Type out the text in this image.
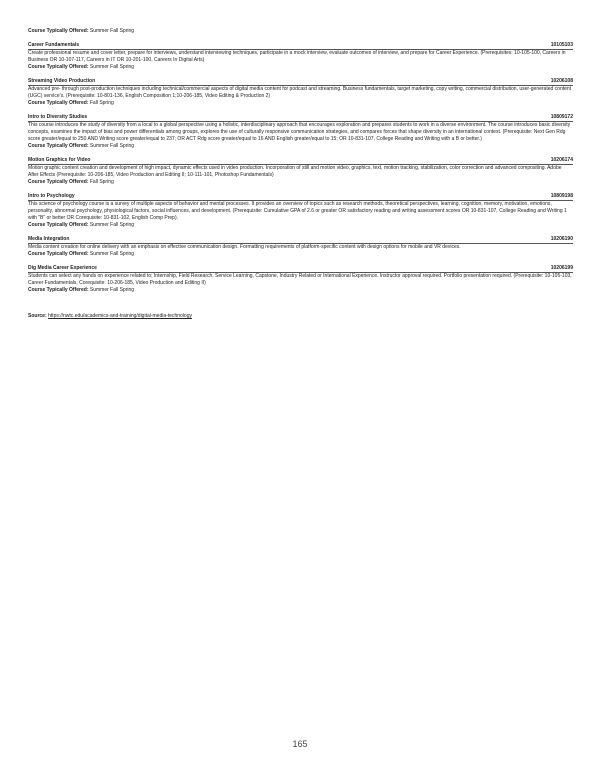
Course Typically Offered: Summer Fall Spring
Career Fundamentals	10105103
Create professional resume and cover letter, prepare for interviews, understand interviewing techniques, participate in a mock interview, evaluate outcomes of interview, and prepare for Career Experience. (Prerequisites: 10-105-100, Careers in Business OR 10-107-117, Careers in IT OR 10-201-100, Careers In Digital Arts)
Course Typically Offered: Summer Fall Spring
Streaming Video Production	10206108
Advanced pre- through post-production techniques including technical/commercial aspects of digital media content for podcast and streaming. Business fundamentals, target marketing, copy writing, commercial distribution, user-generated content (UGC) service's. (Prerequisite: 10-801-136, English Composition 1;10-206-185, Video Editing & Production 2)
Course Typically Offered: Fall Spring
Intro to Diversity Studies	10809172
This course introduces the study of diversity from a local to a global perspective using a holistic, interdisciplinary approach that encourages exploration and prepares students to work in a diverse environment. The course introduces basic diversity concepts, examines the impact of bias and power differentials among groups, explores the use of culturally responsive communication strategies, and compares forces that shape diversity in an international context. (Prerequisite: Next Gen Rdg score greater/equal to 250 AND Writing score greater/equal to 237; OR ACT Rdg score greater/equal to 16 AND English greater/equal to 15; OR 10-831-107, College Reading and Writing with a B or better.)
Course Typically Offered: Summer Fall Spring
Motion Graphics for Video	10206174
Motion graphic content creation and development of high impact, dynamic effects used in video production. Incorporation of still and motion video, graphics, text, motion tracking, stabilization, color correction and advanced compositing. Adobe After Effects (Prerequisite: 10-206-185, Video Production and Editing II; 10-111-101, Photoshop Fundamentals)
Course Typically Offered: Fall Spring
Intro to Psychology	10809198
This science of psychology course is a survey of multiple aspects of behavior and mental processes. It provides an overview of topics such as research methods, theoretical perspectives, learning, cognition, memory, motivation, emotions, personality, abnormal psychology, physiological factors, social influences, and development. (Prerequisite: Cumulative GPA of 2.6 or greater OR satisfactory reading and writing assessment scores OR 10-831-107, College Reading and Writing 1 with "B" or better OR Corequisite: 10-831-102, English Comp Prep).
Course Typically Offered: Summer Fall Spring
Media Integration	10206190
Media content creation for online delivery with an emphasis on effective communication design. Formatting requirements of platform-specific content with design options for mobile and VR devices.
Course Typically Offered: Summer Fall Spring
Dig Media Career Experience	10206199
Students can select any hands on experience related to; Internship, Field Research, Service Learning, Capstone, Industry Related or International Experience. Instructor approval required. Portfolio presentation required. (Prerequisite: 10-105-103, Career Fundamentals, Corequisite: 10-206-185, Video Production and Editing II)
Course Typically Offered: Summer Fall Spring
Source: https://nwtc.edu/academics-and-training/digital-media-technology
165
